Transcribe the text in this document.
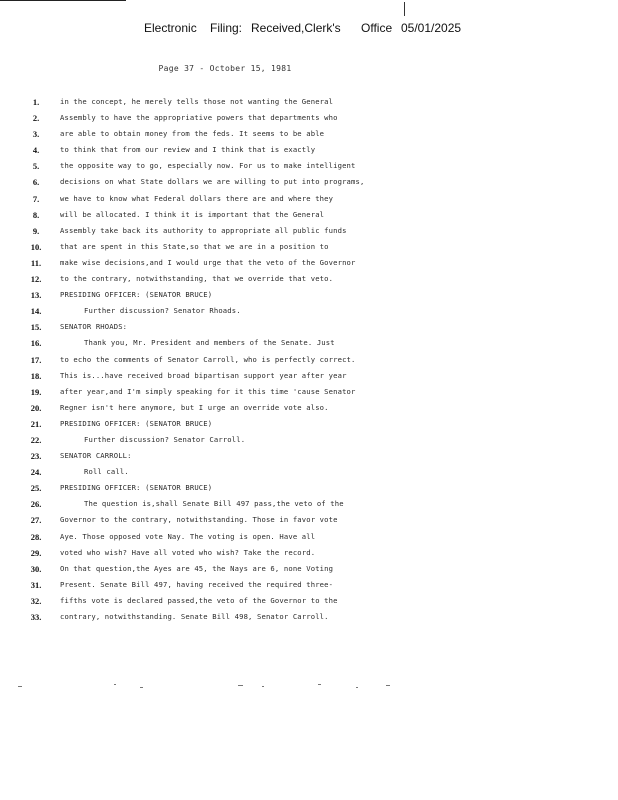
Electronic Filing: Received,Clerk's Office 05/01/2025
Page 37 - October 15, 1981
1.	in the concept, he merely tells those not wanting the General
2.	Assembly to have the appropriative powers that departments who
3.	are able to obtain money from the feds. It seems to be able
4.	to think that from our review and I think that is exactly
5.	the opposite way to go, especially now. For us to make intelligent
6.	decisions on what State dollars we are willing to put into programs,
7.	we have to know what Federal dollars there are and where they
8.	will be allocated. I think it is important that the General
9.	Assembly take back its authority to appropriate all public funds
10.	that are spent in this State,so that we are in a position to
11.	make wise decisions,and I would urge that the veto of the Governor
12.	to the contrary, notwithstanding, that we override that veto.
13.	PRESIDING OFFICER: (SENATOR BRUCE)
14.	Further discussion? Senator Rhoads.
15.	SENATOR RHOADS:
16.	Thank you, Mr. President and members of the Senate. Just
17.	to echo the comments of Senator Carroll, who is perfectly correct.
18.	This is...have received broad bipartisan support year after year
19.	after year,and I'm simply speaking for it this time 'cause Senator
20.	Regner isn't here anymore, but I urge an override vote also.
21.	PRESIDING OFFICER: (SENATOR BRUCE)
22.	Further discussion? Senator Carroll.
23.	SENATOR CARROLL:
24.	Roll call.
25.	PRESIDING OFFICER: (SENATOR BRUCE)
26.	The question is,shall Senate Bill 497 pass,the veto of the
27.	Governor to the contrary, notwithstanding. Those in favor vote
28.	Aye. Those opposed vote Nay. The voting is open. Have all
29.	voted who wish? Have all voted who wish? Take the record.
30.	On that question,the Ayes are 45, the Nays are 6, none Voting
31.	Present. Senate Bill 497, having received the required three-
32.	fifths vote is declared passed,the veto of the Governor to the
33.	contrary, notwithstanding. Senate Bill 498, Senator Carroll.
